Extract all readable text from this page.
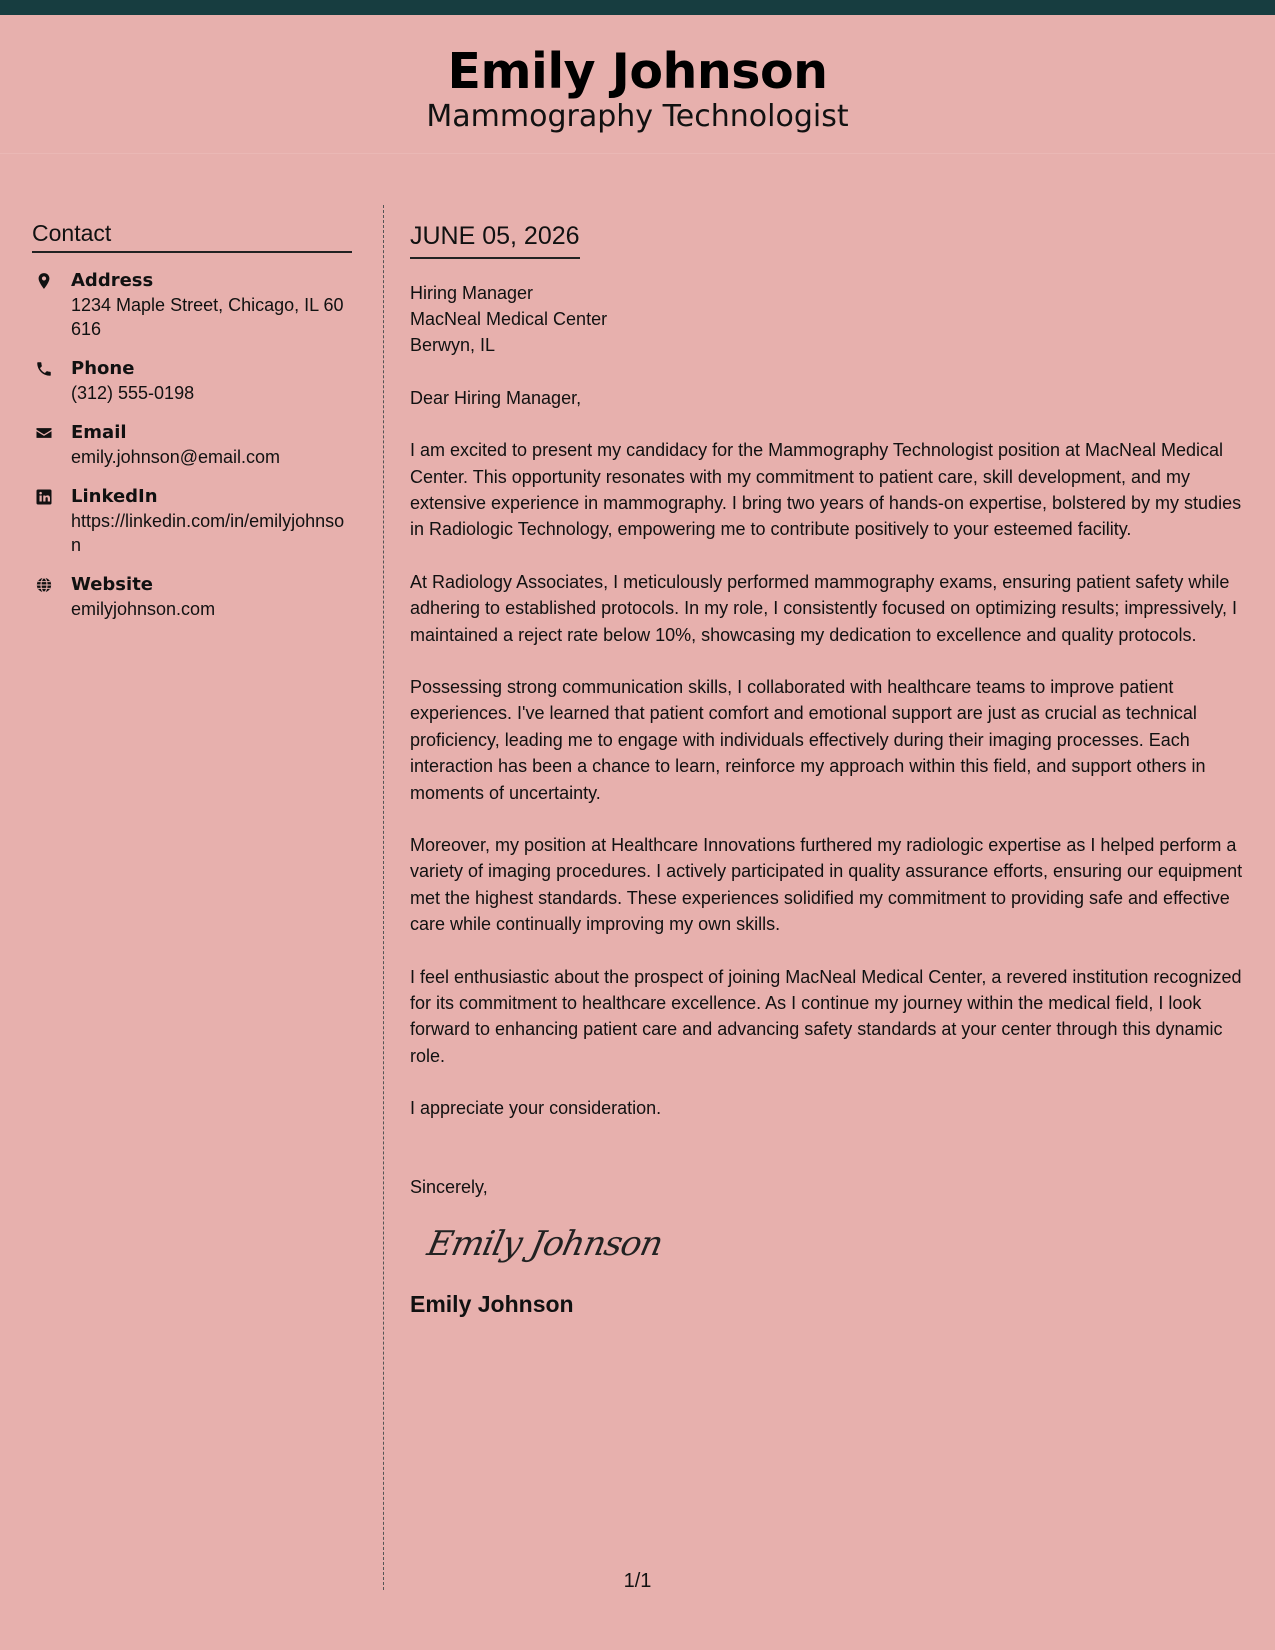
Emily Johnson
Mammography Technologist
Contact
Address
1234 Maple Street, Chicago, IL 60616
Phone
(312) 555-0198
Email
emily.johnson@email.com
LinkedIn
https://linkedin.com/in/emilyjohnson
Website
emilyjohnson.com
JUNE 05, 2026
Hiring Manager
MacNeal Medical Center
Berwyn, IL
Dear Hiring Manager,

I am excited to present my candidacy for the Mammography Technologist position at MacNeal Medical Center. This opportunity resonates with my commitment to patient care, skill development, and my extensive experience in mammography. I bring two years of hands-on expertise, bolstered by my studies in Radiologic Technology, empowering me to contribute positively to your esteemed facility.

At Radiology Associates, I meticulously performed mammography exams, ensuring patient safety while adhering to established protocols. In my role, I consistently focused on optimizing results; impressively, I maintained a reject rate below 10%, showcasing my dedication to excellence and quality protocols.

Possessing strong communication skills, I collaborated with healthcare teams to improve patient experiences. I've learned that patient comfort and emotional support are just as crucial as technical proficiency, leading me to engage with individuals effectively during their imaging processes. Each interaction has been a chance to learn, reinforce my approach within this field, and support others in moments of uncertainty.

Moreover, my position at Healthcare Innovations furthered my radiologic expertise as I helped perform a variety of imaging procedures. I actively participated in quality assurance efforts, ensuring our equipment met the highest standards. These experiences solidified my commitment to providing safe and effective care while continually improving my own skills.

I feel enthusiastic about the prospect of joining MacNeal Medical Center, a revered institution recognized for its commitment to healthcare excellence. As I continue my journey within the medical field, I look forward to enhancing patient care and advancing safety standards at your center through this dynamic role.

I appreciate your consideration.

Sincerely,
Emily Johnson
Emily Johnson
1/1
